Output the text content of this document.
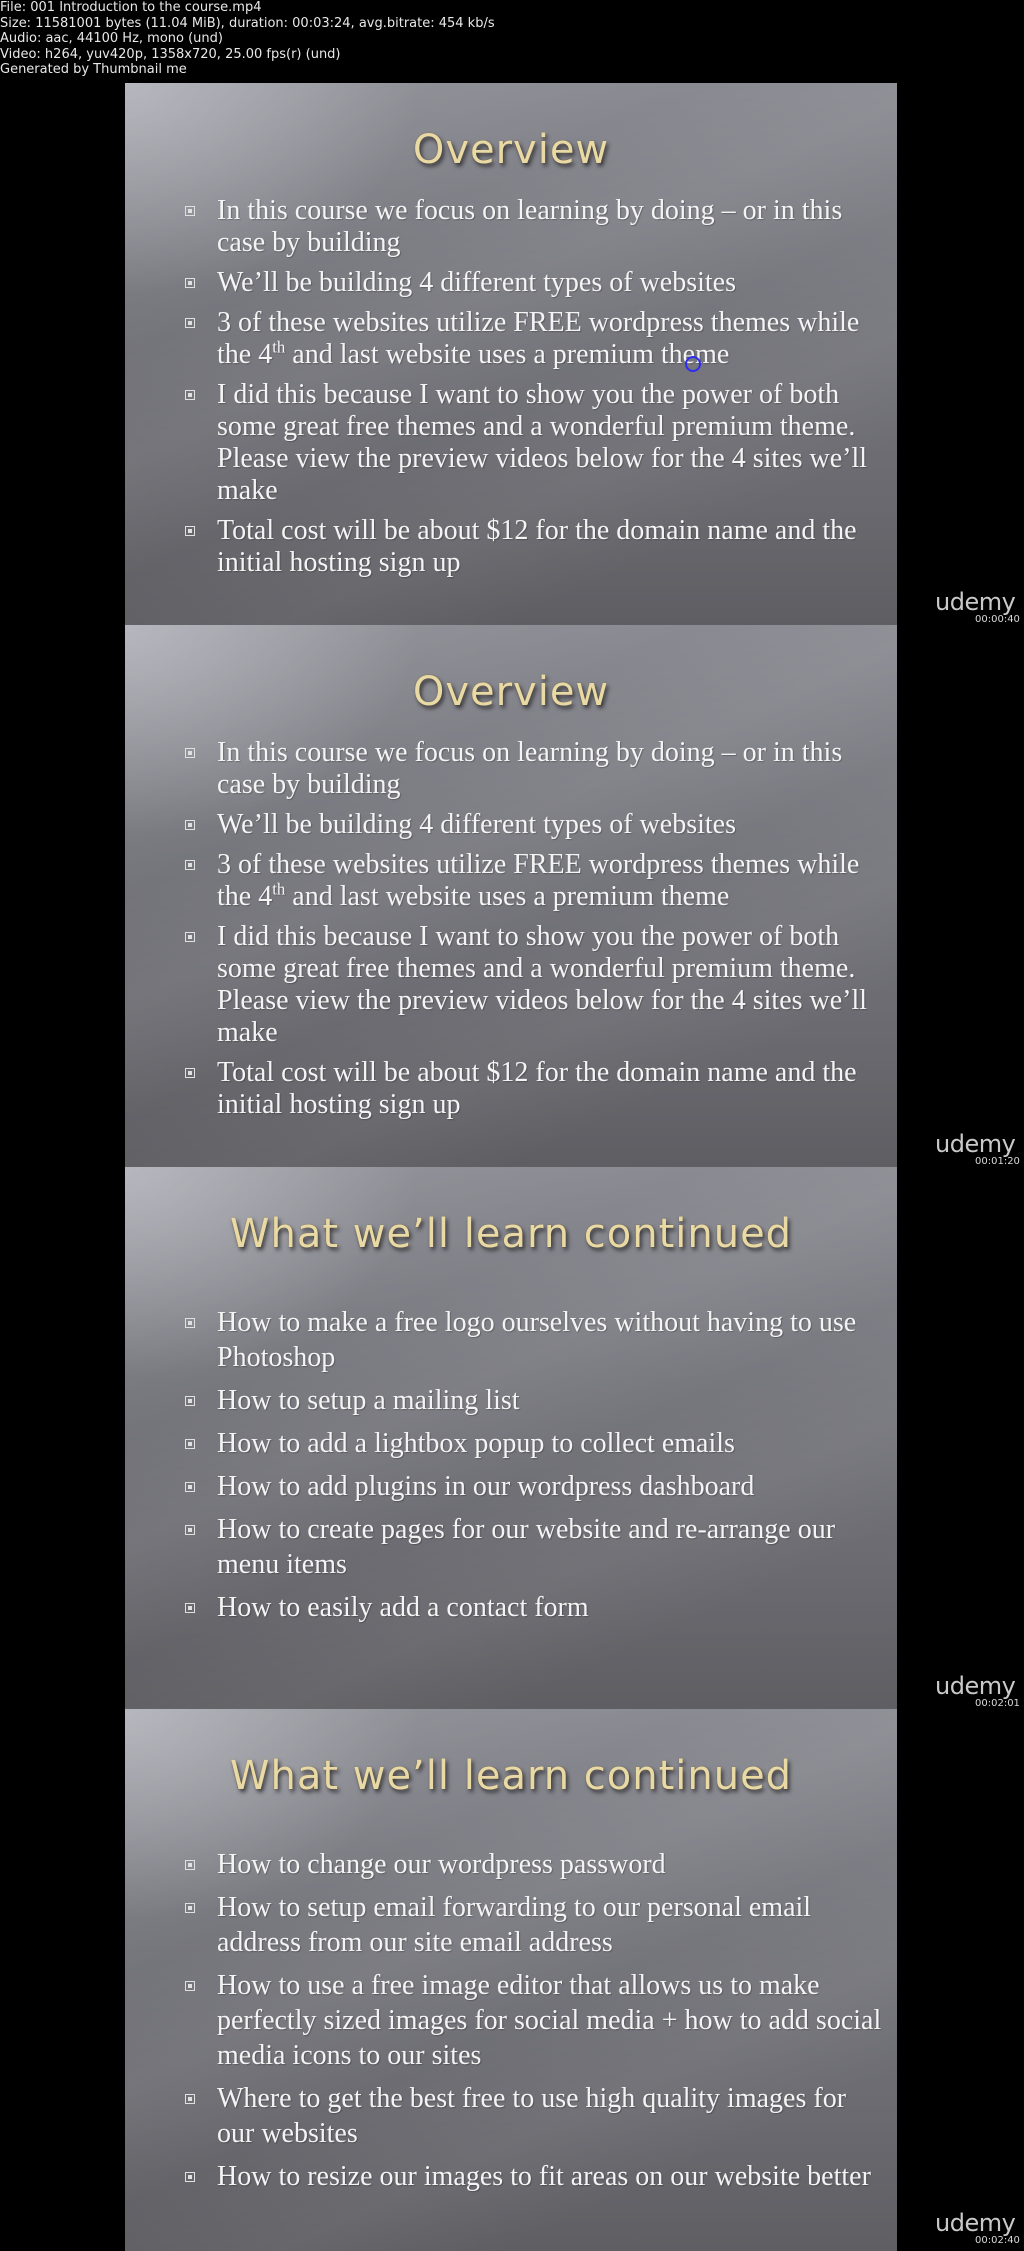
File: 001 Introduction to the course.mp4
Size: 11581001 bytes (11.04 MiB), duration: 00:03:24, avg.bitrate: 454 kb/s
Audio: aac, 44100 Hz, mono (und)
Video: h264, yuv420p, 1358x720, 25.00 fps(r) (und)
Generated by Thumbnail me
Overview
In this course we focus on learning by doing – or in this case by building
We’ll be building 4 different types of websites
3 of these websites utilize FREE wordpress themes while the 4th and last website uses a premium theme
I did this because I want to show you the power of both some great free themes and a wonderful premium theme. Please view the preview videos below for the 4 sites we’ll make
Total cost will be about $12 for the domain name and the initial hosting sign up
udemy
00:00:40
Overview
In this course we focus on learning by doing – or in this case by building
We’ll be building 4 different types of websites
3 of these websites utilize FREE wordpress themes while the 4th and last website uses a premium theme
I did this because I want to show you the power of both some great free themes and a wonderful premium theme. Please view the preview videos below for the 4 sites we’ll make
Total cost will be about $12 for the domain name and the initial hosting sign up
udemy
00:01:20
What we’ll learn continued
How to make a free logo ourselves without having to use Photoshop
How to setup a mailing list
How to add a lightbox popup to collect emails
How to add plugins in our wordpress dashboard
How to create pages for our website and re-arrange our menu items
How to easily add a contact form
udemy
00:02:01
What we’ll learn continued
How to change our wordpress password
How to setup email forwarding to our personal email address from our site email address
How to use a free image editor that allows us to make perfectly sized images for social media + how to add social media icons to our sites
Where to get the best free to use high quality images for our websites
How to resize our images to fit areas on our website better
udemy
00:02:40
